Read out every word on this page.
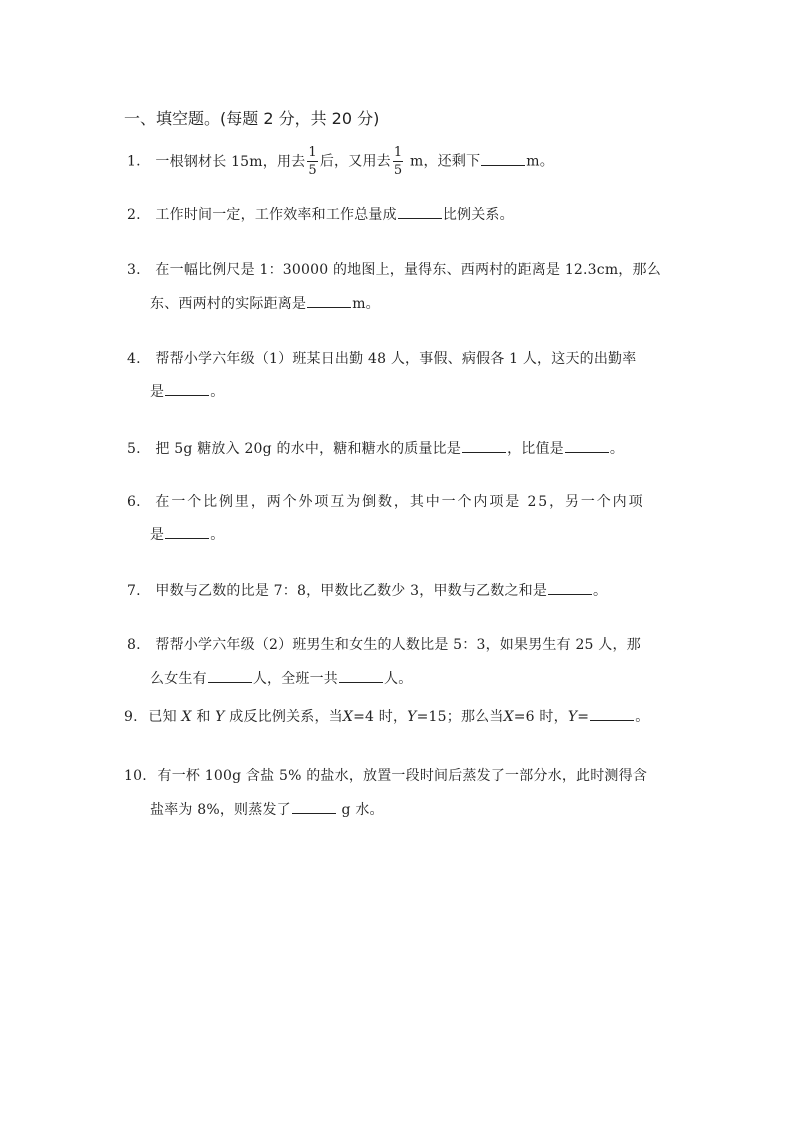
一、填空题。(每题 2 分，共 20 分)
1. 一根钢材长 15m，用去 $\frac{1}{5}$ 后，又用去 $\frac{1}{5}$ m，还剩下	m。
2. 工作时间一定，工作效率和工作总量成	比例关系。
3. 在一幅比例尺是 1：30000 的地图上，量得东、西两村的距离是 12.3cm，那么
东、西两村的实际距离是	m。
4. 帮帮小学六年级（1）班某日出勤 48 人，事假、病假各 1 人，这天的出勤率
是	。
5. 把 5g 糖放入 20g 的水中，糖和糖水的质量比是	，比值是	。
6. 在一个比例里，两个外项互为倒数，其中一个内项是 25，另一个内项
是	。
7. 甲数与乙数的比是 7：8，甲数比乙数少 3，甲数与乙数之和是	。
8. 帮帮小学六年级（2）班男生和女生的人数比是 5：3，如果男生有 25 人，那
么女生有	人，全班一共	人。
9. 已知 X 和 Y 成反比例关系，当X=4 时，Y=15；那么当X=6 时，Y=	。
10. 有一杯 100g 含盐 5% 的盐水，放置一段时间后蒸发了一部分水，此时测得含
盐率为 8%，则蒸发了	g 水。
